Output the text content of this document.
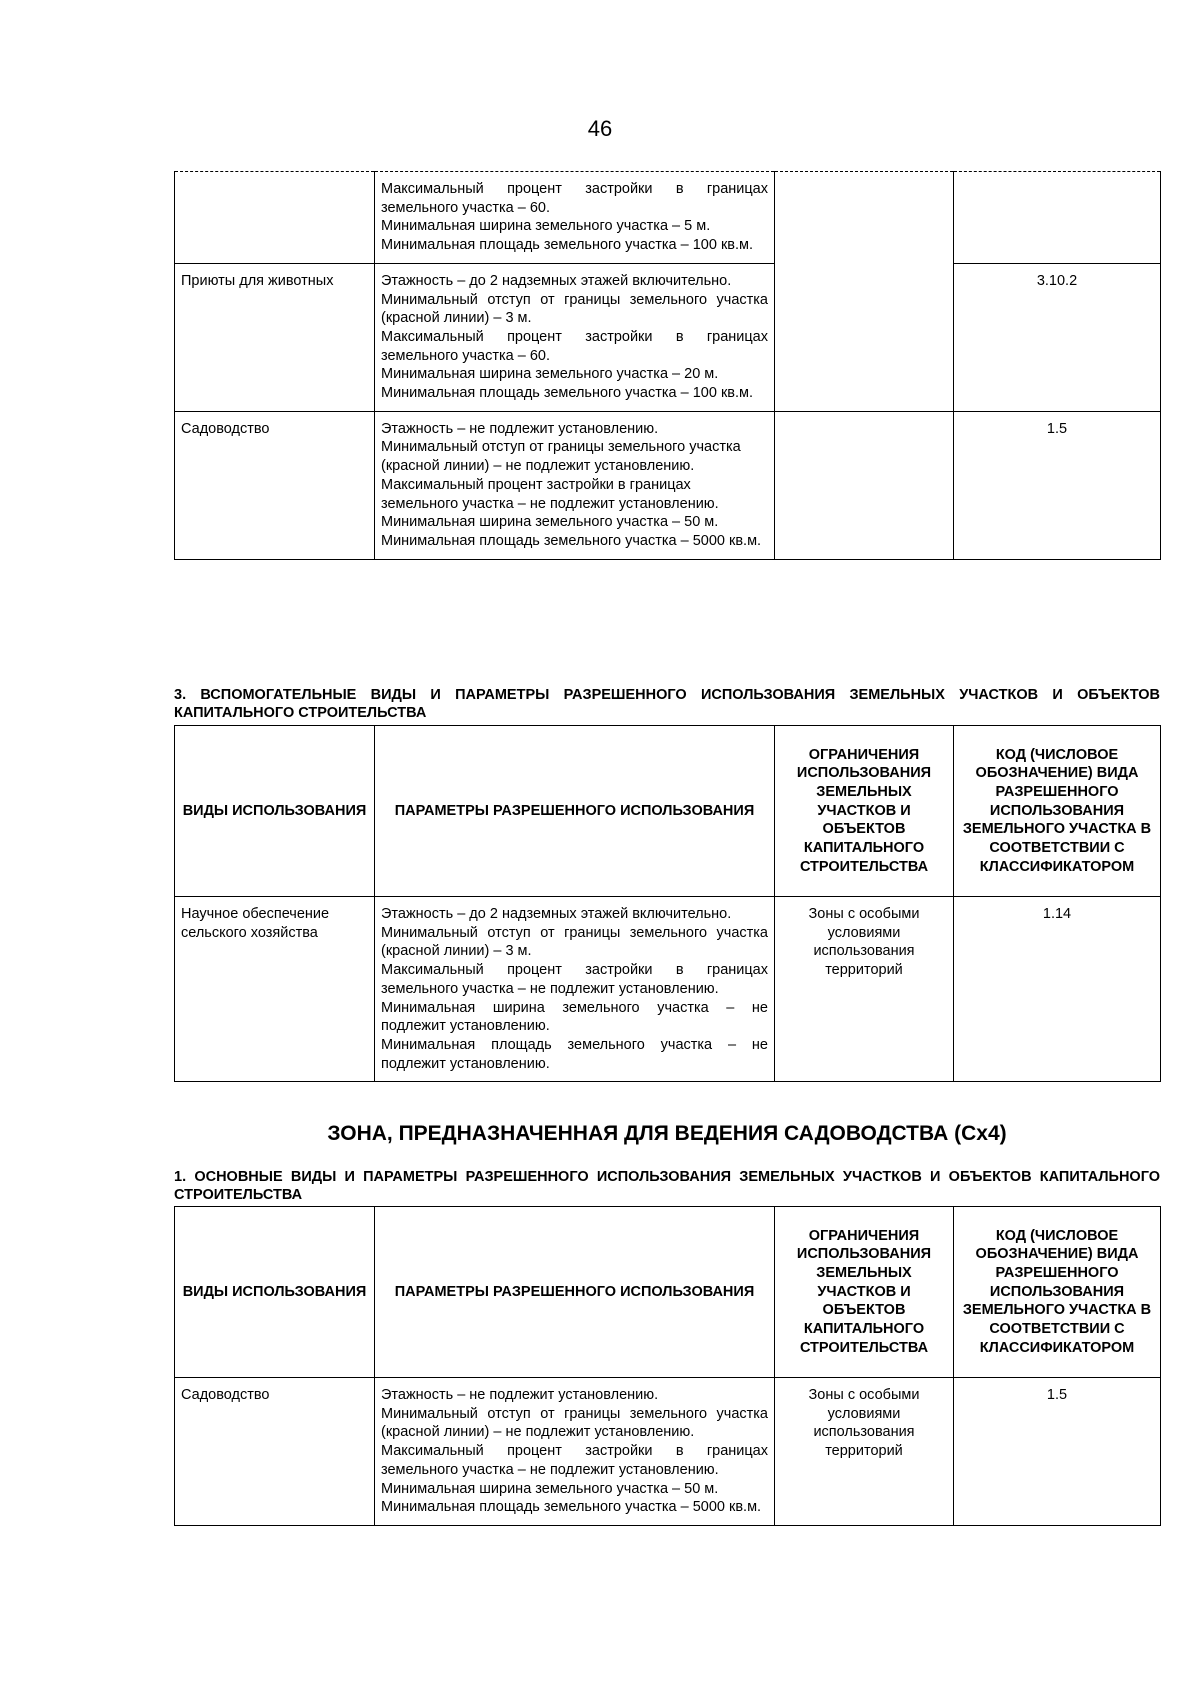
46

	Максимальный процент застройки в границах земельного участка – 60.
Минимальная ширина земельного участка – 5 м.
Минимальная площадь земельного участка – 100 кв.м.		

Приюты для животных	Этажность – до 2 надземных этажей включительно.
Минимальный отступ от границы земельного участка (красной линии) – 3 м.
Максимальный процент застройки в границах земельного участка – 60.
Минимальная ширина земельного участка – 20 м.
Минимальная площадь земельного участка – 100 кв.м.		3.10.2
Садоводство	Этажность – не подлежит установлению.
Минимальный отступ от границы земельного участка (красной линии) – не подлежит установлению.
Максимальный процент застройки в границах земельного участка – не подлежит установлению.
Минимальная ширина земельного участка – 50 м.
Минимальная площадь земельного участка – 5000 кв.м.		1.5
3. ВСПОМОГАТЕЛЬНЫЕ ВИДЫ И ПАРАМЕТРЫ РАЗРЕШЕННОГО ИСПОЛЬЗОВАНИЯ ЗЕМЕЛЬНЫХ УЧАСТКОВ И ОБЪЕКТОВ КАПИТАЛЬНОГО СТРОИТЕЛЬСТВА
ВИДЫ ИСПОЛЬЗОВАНИЯ	ПАРАМЕТРЫ РАЗРЕШЕННОГО ИСПОЛЬЗОВАНИЯ	ОГРАНИЧЕНИЯ ИСПОЛЬЗОВАНИЯ ЗЕМЕЛЬНЫХ УЧАСТКОВ И ОБЪЕКТОВ КАПИТАЛЬНОГО СТРОИТЕЛЬСТВА	КОД (ЧИСЛОВОЕ ОБОЗНАЧЕНИЕ) ВИДА РАЗРЕШЕННОГО ИСПОЛЬЗОВАНИЯ ЗЕМЕЛЬНОГО УЧАСТКА В СООТВЕТСТВИИ С КЛАССИФИКАТОРОМ
Научное обеспечение сельского хозяйства	Этажность – до 2 надземных этажей включительно.
Минимальный отступ от границы земельного участка (красной линии) – 3 м.
Максимальный процент застройки в границах земельного участка – не подлежит установлению.
Минимальная ширина земельного участка – не подлежит установлению.
Минимальная площадь земельного участка – не подлежит установлению.	Зоны с особыми условиями использования территорий	1.14
ЗОНА, ПРЕДНАЗНАЧЕННАЯ ДЛЯ ВЕДЕНИЯ САДОВОДСТВА (Сх4)
1. ОСНОВНЫЕ ВИДЫ И ПАРАМЕТРЫ РАЗРЕШЕННОГО ИСПОЛЬЗОВАНИЯ ЗЕМЕЛЬНЫХ УЧАСТКОВ И ОБЪЕКТОВ КАПИТАЛЬНОГО СТРОИТЕЛЬСТВА
ВИДЫ ИСПОЛЬЗОВАНИЯ	ПАРАМЕТРЫ РАЗРЕШЕННОГО ИСПОЛЬЗОВАНИЯ	ОГРАНИЧЕНИЯ ИСПОЛЬЗОВАНИЯ ЗЕМЕЛЬНЫХ УЧАСТКОВ И ОБЪЕКТОВ КАПИТАЛЬНОГО СТРОИТЕЛЬСТВА	КОД (ЧИСЛОВОЕ ОБОЗНАЧЕНИЕ) ВИДА РАЗРЕШЕННОГО ИСПОЛЬЗОВАНИЯ ЗЕМЕЛЬНОГО УЧАСТКА В СООТВЕТСТВИИ С КЛАССИФИКАТОРОМ
Садоводство	Этажность – не подлежит установлению.
Минимальный отступ от границы земельного участка (красной линии) – не подлежит установлению.
Максимальный процент застройки в границах земельного участка – не подлежит установлению.
Минимальная ширина земельного участка – 50 м.
Минимальная площадь земельного участка – 5000 кв.м.	Зоны с особыми условиями использования территорий	1.5
